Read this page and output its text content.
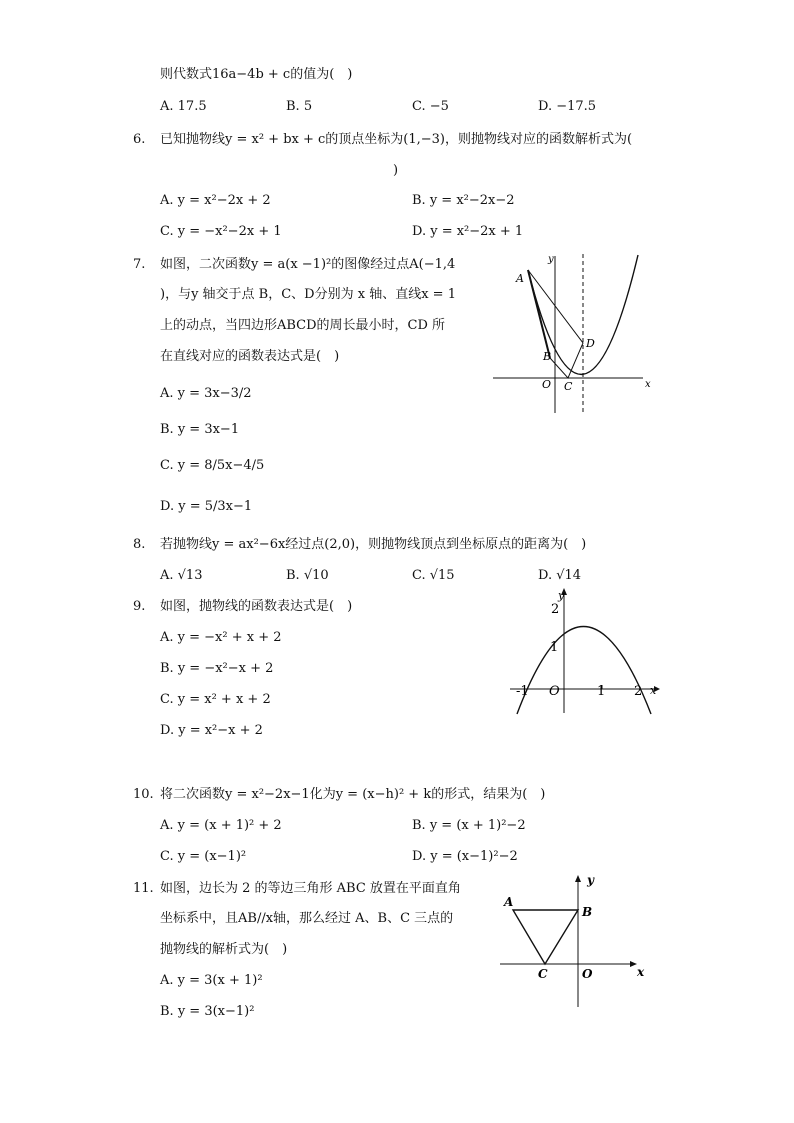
则代数式16a−4b + c的值为(　)
A. 17.5	B. 5	C. −5	D. −17.5
6. 已知抛物线y = x² + bx + c的顶点坐标为(1,−3)，则抛物线对应的函数解析式为(
)
A. y = x²−2x + 2	B. y = x²−2x−2
C. y = −x²−2x + 1	D. y = x²−2x + 1
7. 如图，二次函数y = a(x −1)²的图像经过点A(−1,4
)，与y 轴交于点 B，C、D分别为 x 轴、直线x = 1
上的动点，当四边形ABCD的周长最小时，CD 所
在直线对应的函数表达式是(　)
A. y = 3x−3/2
B. y = 3x−1
C. y = 8/5x−4/5
D. y = 5/3x−1
y
A
B
C
D
O	x
8. 若抛物线y = ax²−6x经过点(2,0)，则抛物线顶点到坐标原点的距离为(　)
A. √13	B. √10	C. √15	D. √14
9. 如图，抛物线的函数表达式是(　)
A. y = −x² + x + 2
B. y = −x²−x + 2
C. y = x² + x + 2
D. y = x²−x + 2
y
2
1
-1 O	1 2 x
10. 将二次函数y = x²−2x−1化为y = (x−h)² + k的形式，结果为(　)
A. y = (x + 1)² + 2	B. y = (x + 1)²−2
C. y = (x−1)²	D. y = (x−1)²−2
11. 如图，边长为 2 的等边三角形 ABC 放置在平面直角
坐标系中，且AB//x轴，那么经过 A、B、C 三点的
抛物线的解析式为(　)
A. y = 3(x + 1)²
B. y = 3(x−1)²
y
A
B
C	O	x
